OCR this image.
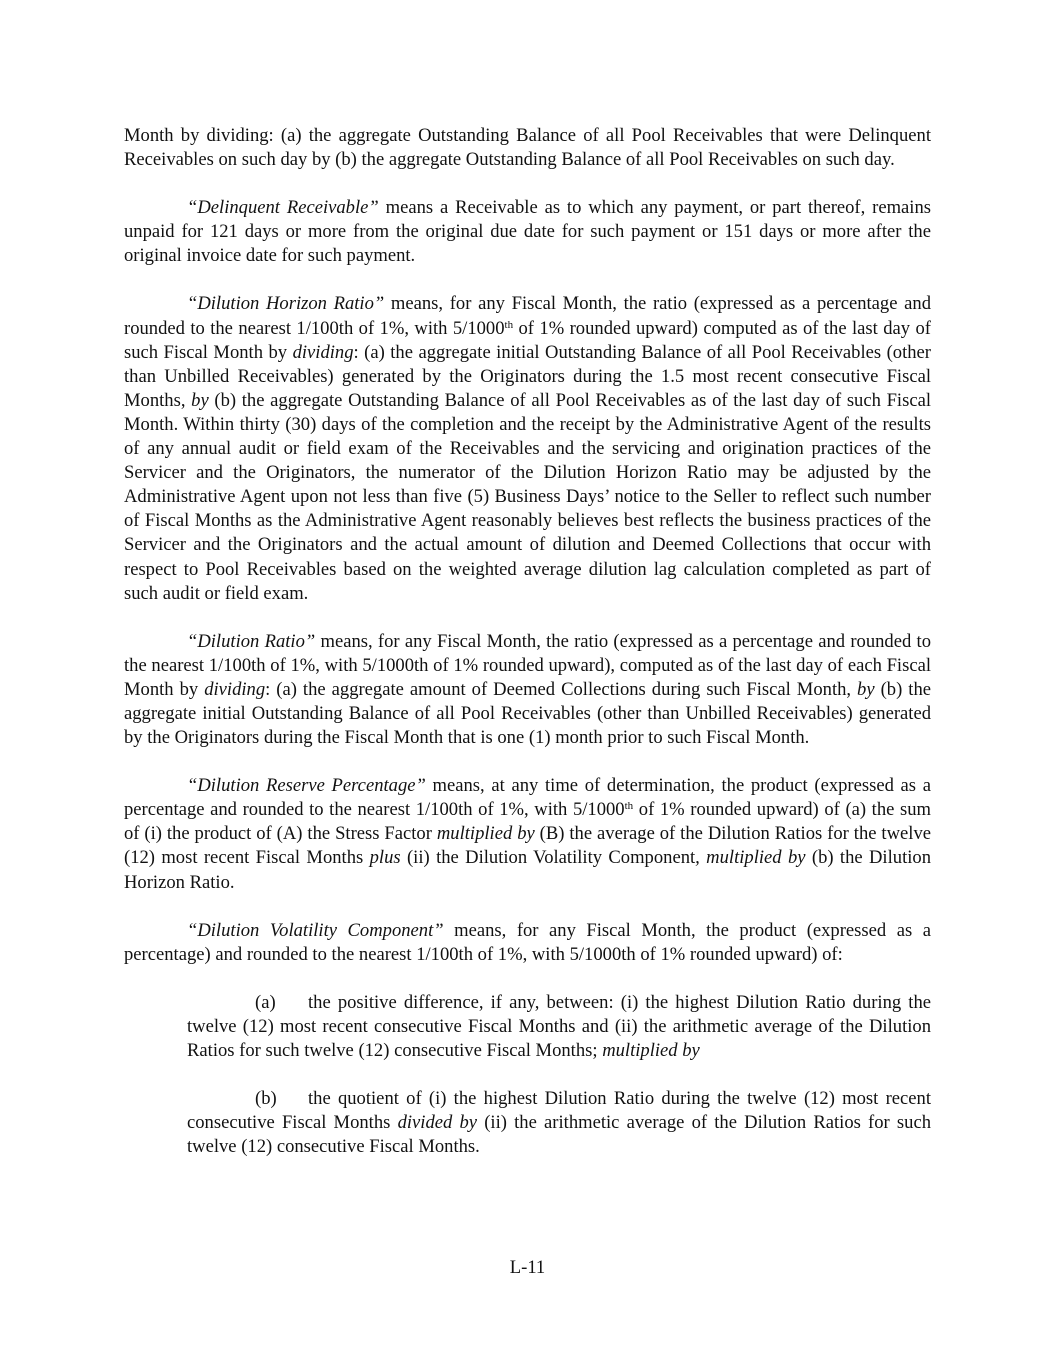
Month by dividing: (a) the aggregate Outstanding Balance of all Pool Receivables that were Delinquent Receivables on such day by (b) the aggregate Outstanding Balance of all Pool Receivables on such day.

“Delinquent Receivable” means a Receivable as to which any payment, or part thereof, remains unpaid for 121 days or more from the original due date for such payment or 151 days or more after the original invoice date for such payment.

“Dilution Horizon Ratio” means, for any Fiscal Month, the ratio (expressed as a percentage and rounded to the nearest 1/100th of 1%, with 5/1000th of 1% rounded upward) computed as of the last day of such Fiscal Month by dividing: (a) the aggregate initial Outstanding Balance of all Pool Receivables (other than Unbilled Receivables) generated by the Originators during the 1.5 most recent consecutive Fiscal Months, by (b) the aggregate Outstanding Balance of all Pool Receivables as of the last day of such Fiscal Month. Within thirty (30) days of the completion and the receipt by the Administrative Agent of the results of any annual audit or field exam of the Receivables and the servicing and origination practices of the Servicer and the Originators, the numerator of the Dilution Horizon Ratio may be adjusted by the Administrative Agent upon not less than five (5) Business Days’ notice to the Seller to reflect such number of Fiscal Months as the Administrative Agent reasonably believes best reflects the business practices of the Servicer and the Originators and the actual amount of dilution and Deemed Collections that occur with respect to Pool Receivables based on the weighted average dilution lag calculation completed as part of such audit or field exam.

“Dilution Ratio” means, for any Fiscal Month, the ratio (expressed as a percentage and rounded to the nearest 1/100th of 1%, with 5/1000th of 1% rounded upward), computed as of the last day of each Fiscal Month by dividing: (a) the aggregate amount of Deemed Collections during such Fiscal Month, by (b) the aggregate initial Outstanding Balance of all Pool Receivables (other than Unbilled Receivables) generated by the Originators during the Fiscal Month that is one (1) month prior to such Fiscal Month.

“Dilution Reserve Percentage” means, at any time of determination, the product (expressed as a percentage and rounded to the nearest 1/100th of 1%, with 5/1000th of 1% rounded upward) of (a) the sum of (i) the product of (A) the Stress Factor multiplied by (B) the average of the Dilution Ratios for the twelve (12) most recent Fiscal Months plus (ii) the Dilution Volatility Component, multiplied by (b) the Dilution Horizon Ratio.

“Dilution Volatility Component” means, for any Fiscal Month, the product (expressed as a percentage) and rounded to the nearest 1/100th of 1%, with 5/1000th of 1% rounded upward) of:

(a) the positive difference, if any, between: (i) the highest Dilution Ratio during the twelve (12) most recent consecutive Fiscal Months and (ii) the arithmetic average of the Dilution Ratios for such twelve (12) consecutive Fiscal Months; multiplied by

(b) the quotient of (i) the highest Dilution Ratio during the twelve (12) most recent consecutive Fiscal Months divided by (ii) the arithmetic average of the Dilution Ratios for such twelve (12) consecutive Fiscal Months.

L-11
